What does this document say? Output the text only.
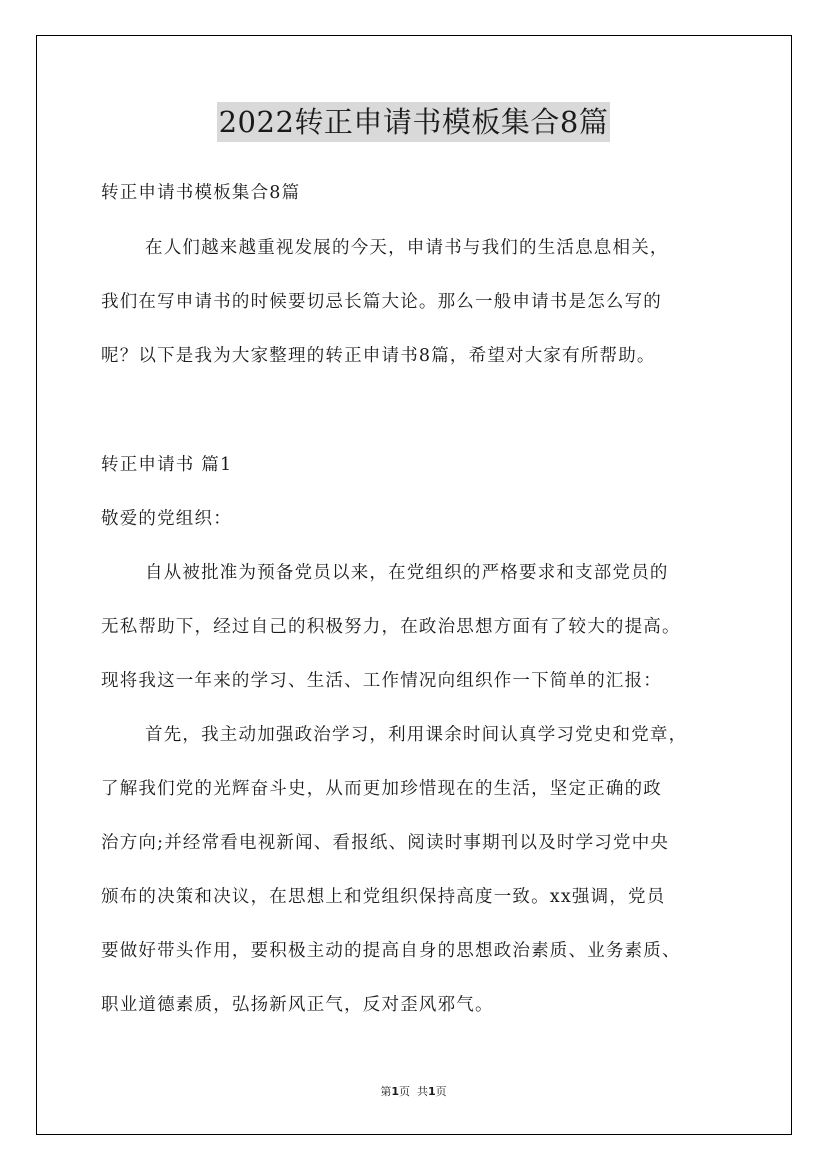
2022转正申请书模板集合8篇
转正申请书模板集合8篇
在人们越来越重视发展的今天，申请书与我们的生活息息相关，
我们在写申请书的时候要切忌长篇大论。那么一般申请书是怎么写的
呢？以下是我为大家整理的转正申请书8篇，希望对大家有所帮助。
转正申请书 篇1
敬爱的党组织：
自从被批准为预备党员以来，在党组织的严格要求和支部党员的
无私帮助下，经过自己的积极努力，在政治思想方面有了较大的提高。
现将我这一年来的学习、生活、工作情况向组织作一下简单的汇报：
首先，我主动加强政治学习，利用课余时间认真学习党史和党章，
了解我们党的光辉奋斗史，从而更加珍惜现在的生活，坚定正确的政
治方向;并经常看电视新闻、看报纸、阅读时事期刊以及时学习党中央
颁布的决策和决议，在思想上和党组织保持高度一致。xx强调，党员
要做好带头作用，要积极主动的提高自身的思想政治素质、业务素质、
职业道德素质，弘扬新风正气，反对歪风邪气。
第1页 共1页
